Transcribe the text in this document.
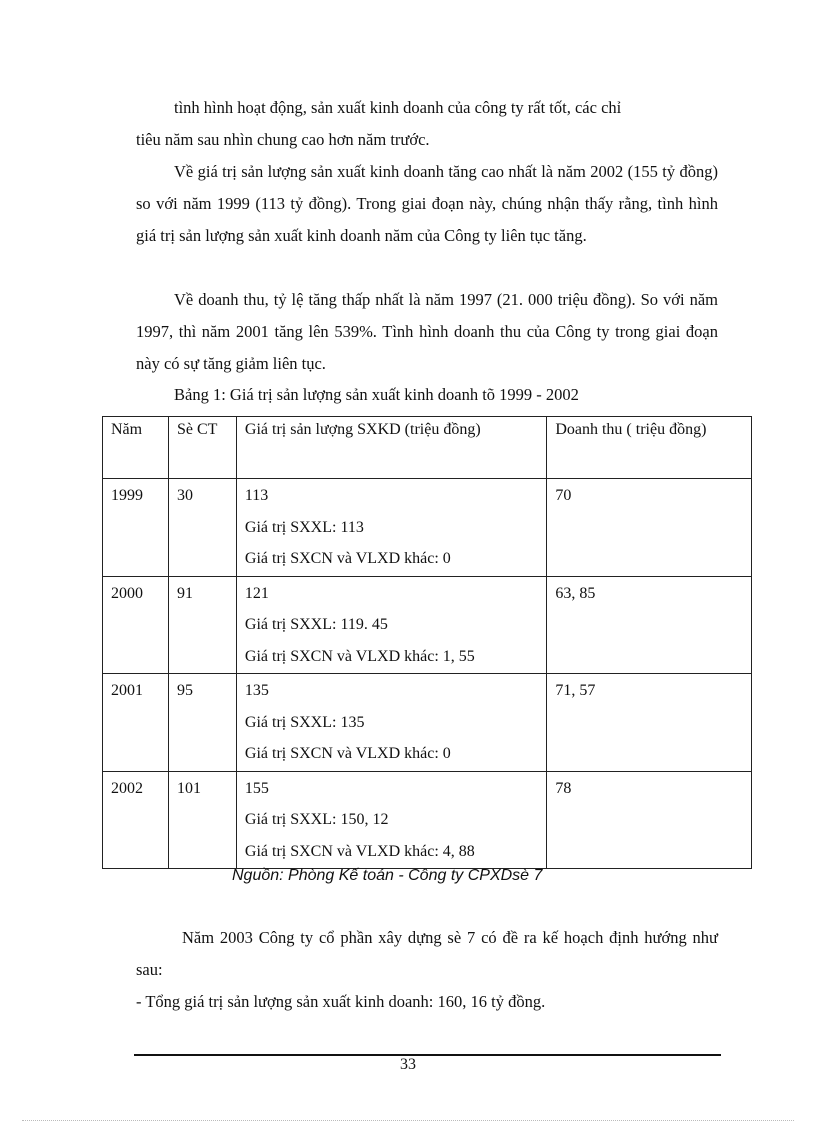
tình hình hoạt động, sản xuất kinh doanh của công ty rất tốt, các chỉ

tiêu năm sau nhìn chung cao hơn năm trước.

Về giá trị sản lượng sản xuất kinh doanh tăng cao nhất là năm 2002 (155 tỷ đồng) so với năm 1999 (113 tỷ đồng). Trong giai đoạn này, chúng nhận thấy rằng, tình hình giá trị sản lượng sản xuất kinh doanh năm của Công ty liên tục tăng.

Về doanh thu, tỷ lệ tăng thấp nhất là năm 1997 (21. 000 triệu đồng). So với năm 1997, thì năm 2001 tăng lên 539%. Tình hình doanh thu của Công ty trong giai đoạn này có sự tăng giảm liên tục.

Bảng 1: Giá trị sản lượng sản xuất kinh doanh tõ 1999 - 2002

Năm	Sè CT	Giá trị sản lượng SXKD (triệu đồng)	Doanh thu ( triệu đồng)

1999	30	113
Giá trị SXXL: 113
Giá trị SXCN và VLXD khác: 0	70

2000	91	121
Giá trị SXXL: 119. 45
Giá trị SXCN và VLXD khác: 1, 55	63, 85

2001	95	135
Giá trị SXXL: 135
Giá trị SXCN và VLXD khác: 0	71, 57

2002	101	155
Giá trị SXXL: 150, 12
Giá trị SXCN và VLXD khác: 4, 88	78

Nguồn: Phòng Kế toán - Công ty CPXDsè 7

Năm 2003 Công ty cổ phần xây dựng sè 7 có đề ra kế hoạch định hướng như sau:

- Tổng giá trị sản lượng sản xuất kinh doanh: 160, 16 tỷ đồng.

33
